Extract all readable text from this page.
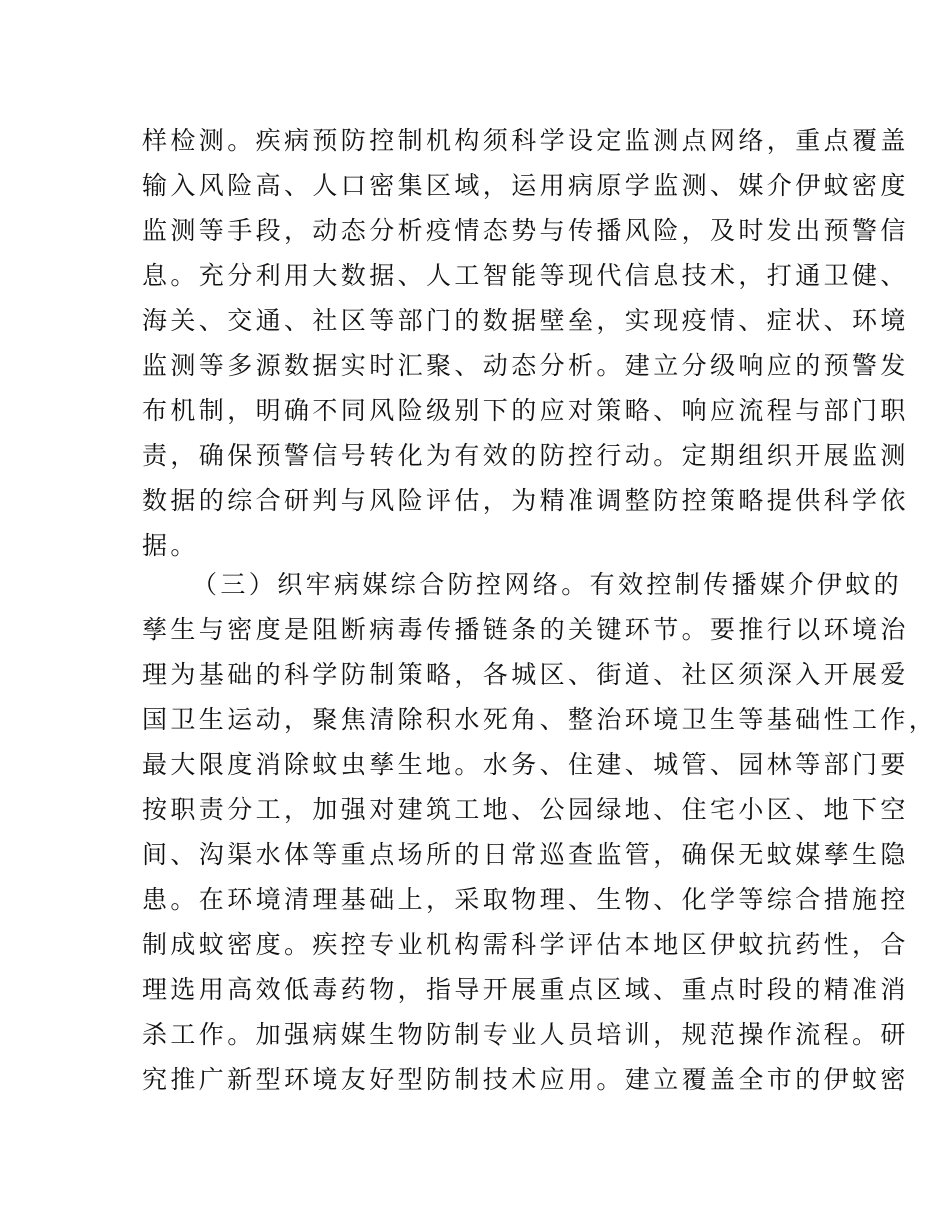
样检测。疾病预防控制机构须科学设定监测点网络，重点覆盖
输入风险高、人口密集区域，运用病原学监测、媒介伊蚊密度
监测等手段，动态分析疫情态势与传播风险，及时发出预警信
息。充分利用大数据、人工智能等现代信息技术，打通卫健、
海关、交通、社区等部门的数据壁垒，实现疫情、症状、环境
监测等多源数据实时汇聚、动态分析。建立分级响应的预警发
布机制，明确不同风险级别下的应对策略、响应流程与部门职
责，确保预警信号转化为有效的防控行动。定期组织开展监测
数据的综合研判与风险评估，为精准调整防控策略提供科学依
据。
（三）织牢病媒综合防控网络。有效控制传播媒介伊蚊的
孳生与密度是阻断病毒传播链条的关键环节。要推行以环境治
理为基础的科学防制策略，各城区、街道、社区须深入开展爱
国卫生运动，聚焦清除积水死角、整治环境卫生等基础性工作，
最大限度消除蚊虫孳生地。水务、住建、城管、园林等部门要
按职责分工，加强对建筑工地、公园绿地、住宅小区、地下空
间、沟渠水体等重点场所的日常巡查监管，确保无蚊媒孳生隐
患。在环境清理基础上，采取物理、生物、化学等综合措施控
制成蚊密度。疾控专业机构需科学评估本地区伊蚊抗药性，合
理选用高效低毒药物，指导开展重点区域、重点时段的精准消
杀工作。加强病媒生物防制专业人员培训，规范操作流程。研
究推广新型环境友好型防制技术应用。建立覆盖全市的伊蚊密
